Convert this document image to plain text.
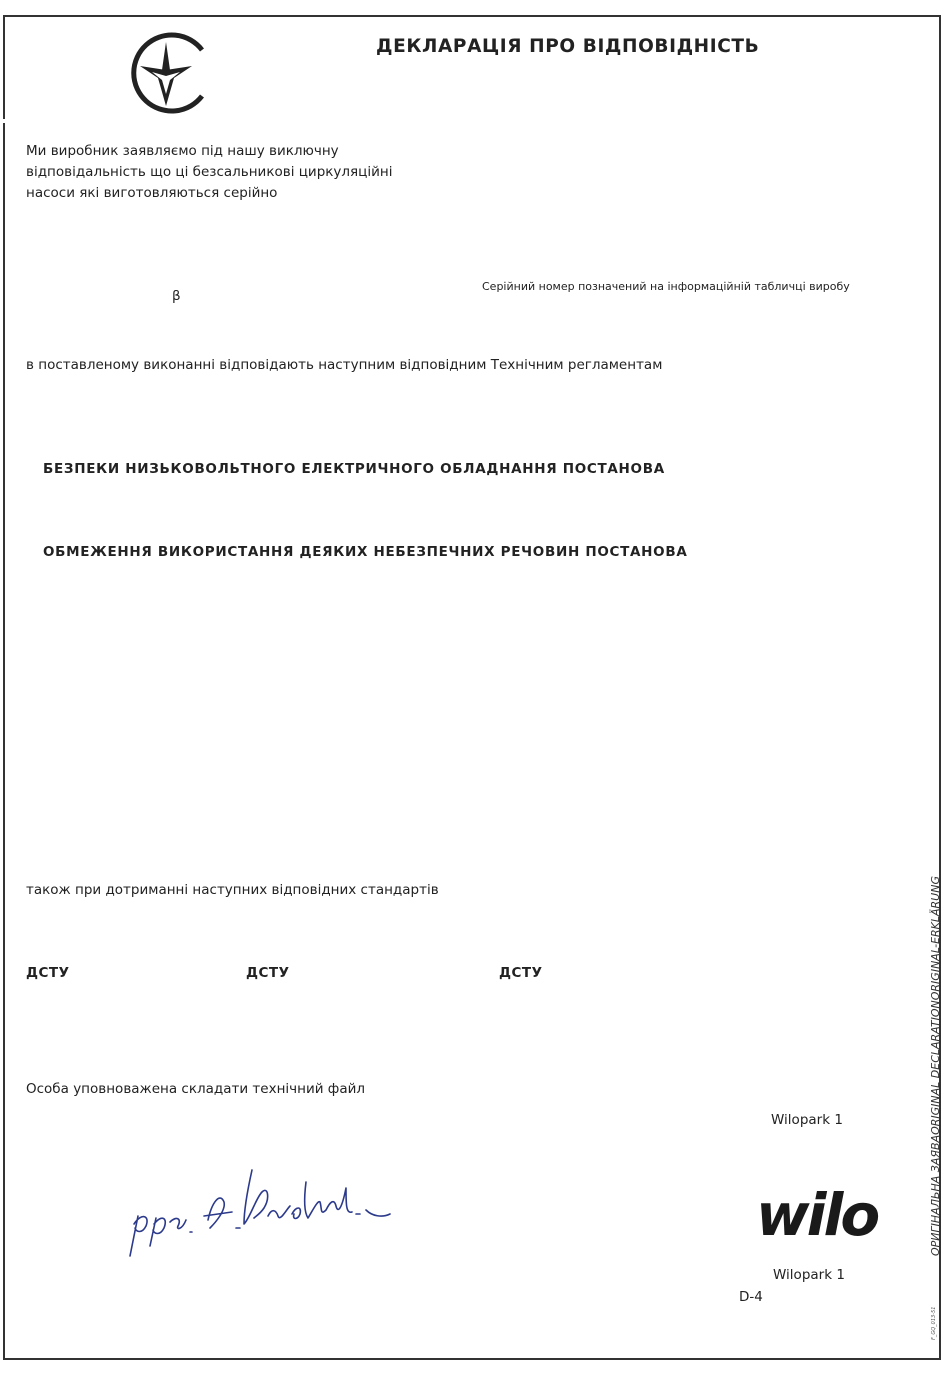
ДЕКЛАРАЦІЯ ПРО ВІДПОВІДНІСТЬ
Ми виробник заявляємо під нашу виключну
відповідальність що ці безсальникові циркуляційні
насоси які виготовляються серійно
β
Серійний номер позначений на інформаційній табличці виробу
в поставленому виконанні відповідають наступним відповідним Технічним регламентам
БЕЗПЕКИ НИЗЬКОВОЛЬТНОГО ЕЛЕКТРИЧНОГО ОБЛАДНАННЯ ПОСТАНОВА
ОБМЕЖЕННЯ ВИКОРИСТАННЯ ДЕЯКИХ НЕБЕЗПЕЧНИХ РЕЧОВИН ПОСТАНОВА
також при дотриманні наступних відповідних стандартів
ДСТУ	ДСТУ	ДСТУ
Особа уповноважена складати технічний файл
Wilopark 1
wilo
Wilopark 1
D-4
ОРИГІНАЛЬНА ЗАЯВАORIGINAL DECLARATIONORIGINAL-ERKLÄRUNG
F_GQ_013-51
